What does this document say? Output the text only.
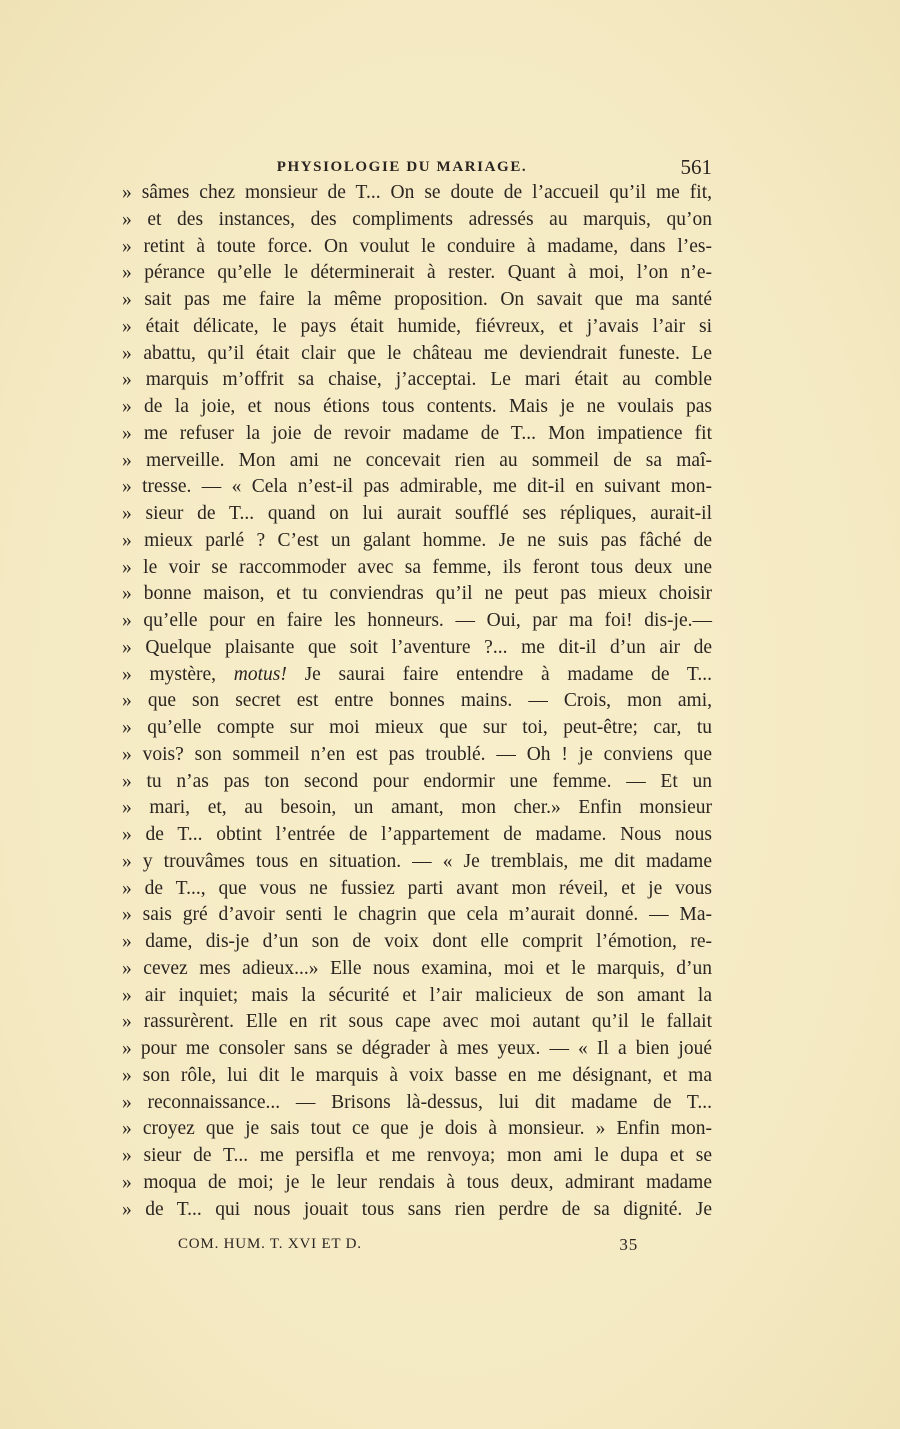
PHYSIOLOGIE DU MARIAGE.	561
» sâmes chez monsieur de T... On se doute de l’accueil qu’il me fit,
» et des instances, des compliments adressés au marquis, qu’on
» retint à toute force. On voulut le conduire à madame, dans l’es-
» pérance qu’elle le déterminerait à rester. Quant à moi, l’on n’e-
» sait pas me faire la même proposition. On savait que ma santé
» était délicate, le pays était humide, fiévreux, et j’avais l’air si
» abattu, qu’il était clair que le château me deviendrait funeste. Le
» marquis m’offrit sa chaise, j’acceptai. Le mari était au comble
» de la joie, et nous étions tous contents. Mais je ne voulais pas
» me refuser la joie de revoir madame de T... Mon impatience fit
» merveille. Mon ami ne concevait rien au sommeil de sa maî-
» tresse. — « Cela n’est-il pas admirable, me dit-il en suivant mon-
» sieur de T... quand on lui aurait soufflé ses répliques, aurait-il
» mieux parlé ? C’est un galant homme. Je ne suis pas fâché de
» le voir se raccommoder avec sa femme, ils feront tous deux une
» bonne maison, et tu conviendras qu’il ne peut pas mieux choisir
» qu’elle pour en faire les honneurs. — Oui, par ma foi! dis-je.—
» Quelque plaisante que soit l’aventure ?... me dit-il d’un air de
» mystère, motus! Je saurai faire entendre à madame de T...
» que son secret est entre bonnes mains. — Crois, mon ami,
» qu’elle compte sur moi mieux que sur toi, peut-être; car, tu
» vois? son sommeil n’en est pas troublé. — Oh ! je conviens que
» tu n’as pas ton second pour endormir une femme. — Et un
» mari, et, au besoin, un amant, mon cher.» Enfin monsieur
» de T... obtint l’entrée de l’appartement de madame. Nous nous
» y trouvâmes tous en situation. — « Je tremblais, me dit madame
» de T..., que vous ne fussiez parti avant mon réveil, et je vous
» sais gré d’avoir senti le chagrin que cela m’aurait donné. — Ma-
» dame, dis-je d’un son de voix dont elle comprit l’émotion, re-
» cevez mes adieux...» Elle nous examina, moi et le marquis, d’un
» air inquiet; mais la sécurité et l’air malicieux de son amant la
» rassurèrent. Elle en rit sous cape avec moi autant qu’il le fallait
» pour me consoler sans se dégrader à mes yeux. — « Il a bien joué
» son rôle, lui dit le marquis à voix basse en me désignant, et ma
» reconnaissance... — Brisons là-dessus, lui dit madame de T...
» croyez que je sais tout ce que je dois à monsieur. » Enfin mon-
» sieur de T... me persifla et me renvoya; mon ami le dupa et se
» moqua de moi; je le leur rendais à tous deux, admirant madame
» de T... qui nous jouait tous sans rien perdre de sa dignité. Je
COM. HUM. T. XVI ET D.	35
